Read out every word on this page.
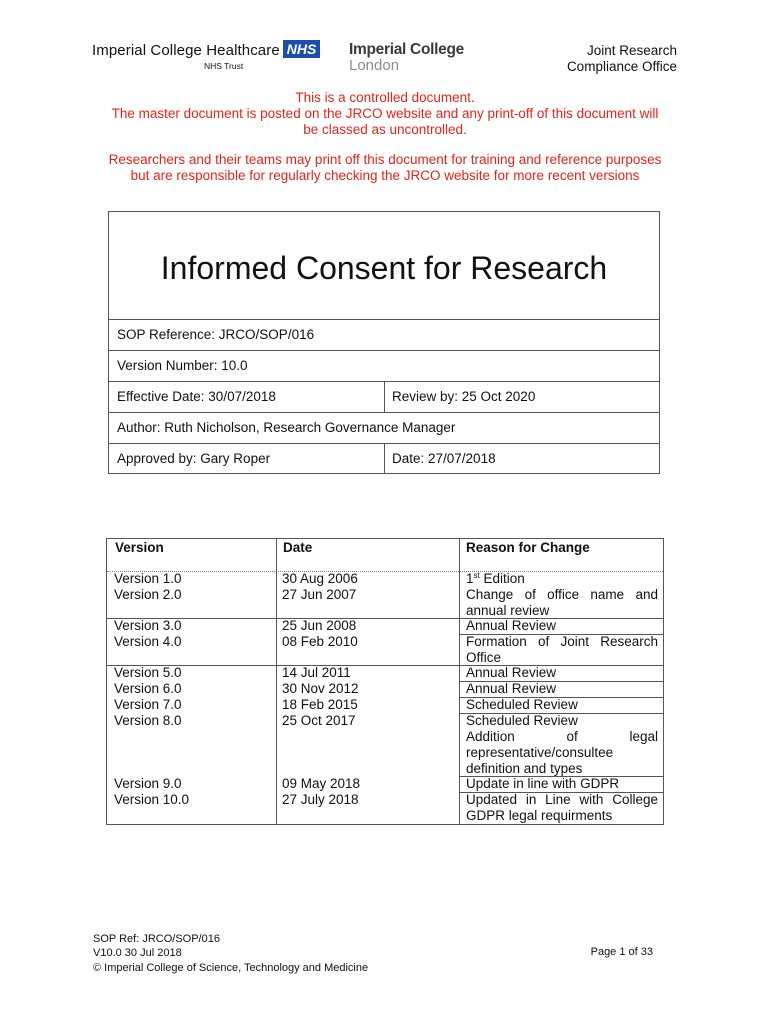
Imperial College Healthcare NHS
NHS Trust
Imperial College
London
Joint Research
Compliance Office
This is a controlled document.
The master document is posted on the JRCO website and any print-off of this document will
be classed as uncontrolled.
Researchers and their teams may print off this document for training and reference purposes
but are responsible for regularly checking the JRCO website for more recent versions
Informed Consent for Research
SOP Reference: JRCO/SOP/016
Version Number: 10.0
Effective Date: 30/07/2018	Review by: 25 Oct 2020
Author: Ruth Nicholson, Research Governance Manager
Approved by: Gary Roper	Date: 27/07/2018
Version	Date	Reason for Change
Version 1.0	30 Aug 2006	1st Edition
Version 2.0	27 Jun 2007	Change of office name and annual review
Version 3.0	25 Jun 2008	Annual Review
Version 4.0	08 Feb 2010	Formation of Joint Research Office
Version 5.0	14 Jul 2011	Annual Review
Version 6.0	30 Nov 2012	Annual Review
Version 7.0	18 Feb 2015	Scheduled Review
Version 8.0	25 Oct 2017	Scheduled Review
Addition of legal
representative/consultee definition and types
Version 9.0	09 May 2018	Update in line with GDPR
Version 10.0	27 July 2018	Updated in Line with College GDPR legal requirments
SOP Ref: JRCO/SOP/016
V10.0 30 Jul 2018
© Imperial College of Science, Technology and Medicine
Page 1 of 33
